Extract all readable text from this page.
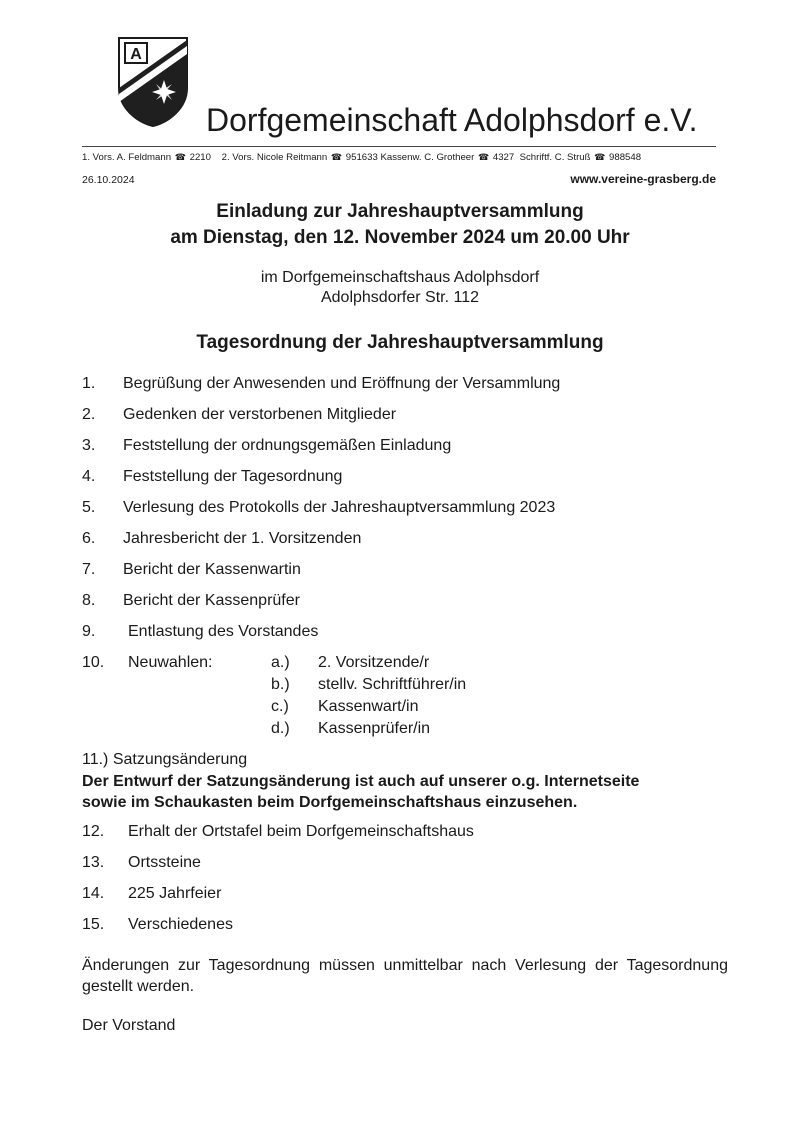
A
Dorfgemeinschaft Adolphsdorf e.V.
1. Vors. A. Feldmann ☎ 2210 2. Vors. Nicole Reitmann ☎ 951633 Kassenw. C. Grotheer ☎ 4327 Schriftf. C. Struß ☎ 988548
26.10.2024	www.vereine-grasberg.de
Einladung zur Jahreshauptversammlung
am Dienstag, den 12. November 2024 um 20.00 Uhr
im Dorfgemeinschaftshaus Adolphsdorf
Adolphsdorfer Str. 112
Tagesordnung der Jahreshauptversammlung
1. Begrüßung der Anwesenden und Eröffnung der Versammlung
2. Gedenken der verstorbenen Mitglieder
3. Feststellung der ordnungsgemäßen Einladung
4. Feststellung der Tagesordnung
5. Verlesung des Protokolls der Jahreshauptversammlung 2023
6. Jahresbericht der 1. Vorsitzenden
7. Bericht der Kassenwartin
8. Bericht der Kassenprüfer
9. Entlastung des Vorstandes
10. Neuwahlen:	a.) 2. Vorsitzende/r
b.) stellv. Schriftführer/in
c.) Kassenwart/in
d.) Kassenprüfer/in
11.) Satzungsänderung
Der Entwurf der Satzungsänderung ist auch auf unserer o.g. Internetseite
sowie im Schaukasten beim Dorfgemeinschaftshaus einzusehen.
12. Erhalt der Ortstafel beim Dorfgemeinschaftshaus
13. Ortssteine
14. 225 Jahrfeier
15. Verschiedenes
Änderungen zur Tagesordnung müssen unmittelbar nach Verlesung der Tagesordnung gestellt werden.
Der Vorstand
